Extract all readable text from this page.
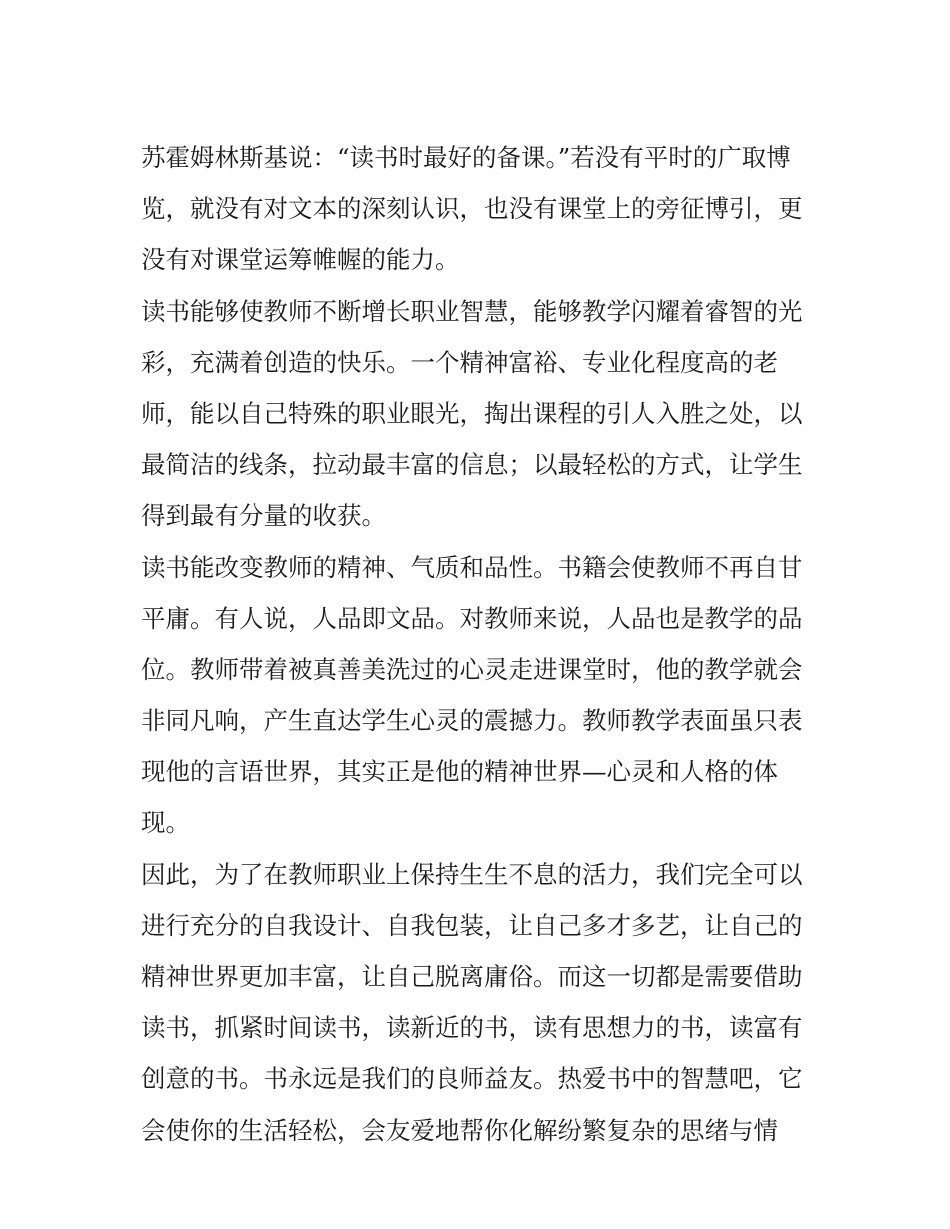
苏霍姆林斯基说：“读书时最好的备课。”若没有平时的广取博
览，就没有对文本的深刻认识，也没有课堂上的旁征博引，更
没有对课堂运筹帷幄的能力。
读书能够使教师不断增长职业智慧，能够教学闪耀着睿智的光
彩，充满着创造的快乐。一个精神富裕、专业化程度高的老
师，能以自己特殊的职业眼光，掏出课程的引人入胜之处，以
最简洁的线条，拉动最丰富的信息；以最轻松的方式，让学生
得到最有分量的收获。
读书能改变教师的精神、气质和品性。书籍会使教师不再自甘
平庸。有人说，人品即文品。对教师来说，人品也是教学的品
位。教师带着被真善美洗过的心灵走进课堂时，他的教学就会
非同凡响，产生直达学生心灵的震撼力。教师教学表面虽只表
现他的言语世界，其实正是他的精神世界—心灵和人格的体
现。
因此，为了在教师职业上保持生生不息的活力，我们完全可以
进行充分的自我设计、自我包装，让自己多才多艺，让自己的
精神世界更加丰富，让自己脱离庸俗。而这一切都是需要借助
读书，抓紧时间读书，读新近的书，读有思想力的书，读富有
创意的书。书永远是我们的良师益友。热爱书中的智慧吧，它
会使你的生活轻松，会友爱地帮你化解纷繁复杂的思绪与情
